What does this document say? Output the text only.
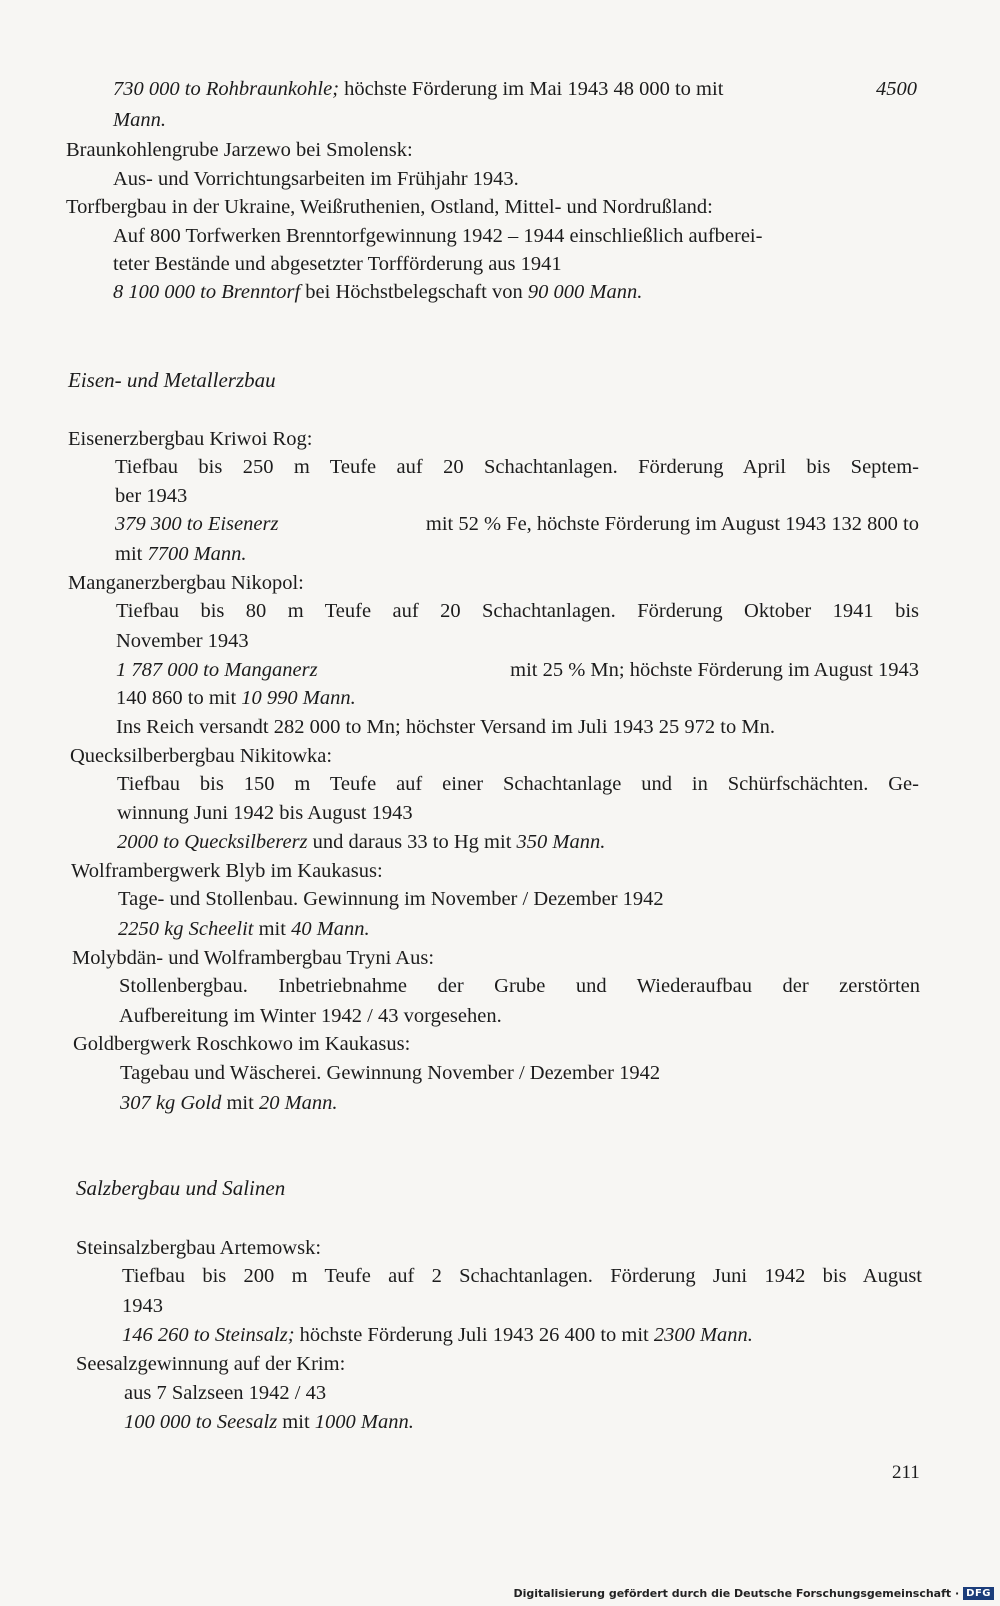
730 000 to Rohbraunkohle; höchste Förderung im Mai 1943 48 000 to mit	4500
Mann.
Braunkohlengrube Jarzewo bei Smolensk:
Aus- und Vorrichtungsarbeiten im Frühjahr 1943.
Torfbergbau in der Ukraine, Weißruthenien, Ostland, Mittel- und Nordrußland:
Auf 800 Torfwerken Brenntorfgewinnung 1942 – 1944 einschließlich aufberei-
teter Bestände und abgesetzter Torfförderung aus 1941
8 100 000 to Brenntorf bei Höchstbelegschaft von 90 000 Mann.
Eisen- und Metallerzbau
Eisenerzbergbau Kriwoi Rog:
Tiefbau bis 250 m Teufe auf 20 Schachtanlagen. Förderung April bis Septem-
ber 1943
379 300 to Eisenerz	mit 52 % Fe, höchste Förderung im August 1943 132 800 to
mit 7700 Mann.
Manganerzbergbau Nikopol:
Tiefbau bis 80 m Teufe auf 20 Schachtanlagen. Förderung Oktober 1941 bis
November 1943
1 787 000 to Manganerz	mit 25 % Mn; höchste Förderung im August 1943
140 860 to mit 10 990 Mann.
Ins Reich versandt 282 000 to Mn; höchster Versand im Juli 1943 25 972 to Mn.
Quecksilberbergbau Nikitowka:
Tiefbau bis 150 m Teufe auf einer Schachtanlage und in Schürfschächten. Ge-
winnung Juni 1942 bis August 1943
2000 to Quecksilbererz und daraus 33 to Hg mit 350 Mann.
Wolframbergwerk Blyb im Kaukasus:
Tage- und Stollenbau. Gewinnung im November / Dezember 1942
2250 kg Scheelit mit 40 Mann.
Molybdän- und Wolframbergbau Tryni Aus:
Stollenbergbau. Inbetriebnahme der Grube und Wiederaufbau der zerstörten
Aufbereitung im Winter 1942 / 43 vorgesehen.
Goldbergwerk Roschkowo im Kaukasus:
Tagebau und Wäscherei. Gewinnung November / Dezember 1942
307 kg Gold mit 20 Mann.
Salzbergbau und Salinen
Steinsalzbergbau Artemowsk:
Tiefbau bis 200 m Teufe auf 2 Schachtanlagen. Förderung Juni 1942 bis August
1943
146 260 to Steinsalz; höchste Förderung Juli 1943 26 400 to mit 2300 Mann.
Seesalzgewinnung auf der Krim:
aus 7 Salzseen 1942 / 43
100 000 to Seesalz mit 1000 Mann.
211
Digitalisierung gefördert durch die Deutsche Forschungsgemeinschaft · DFG
